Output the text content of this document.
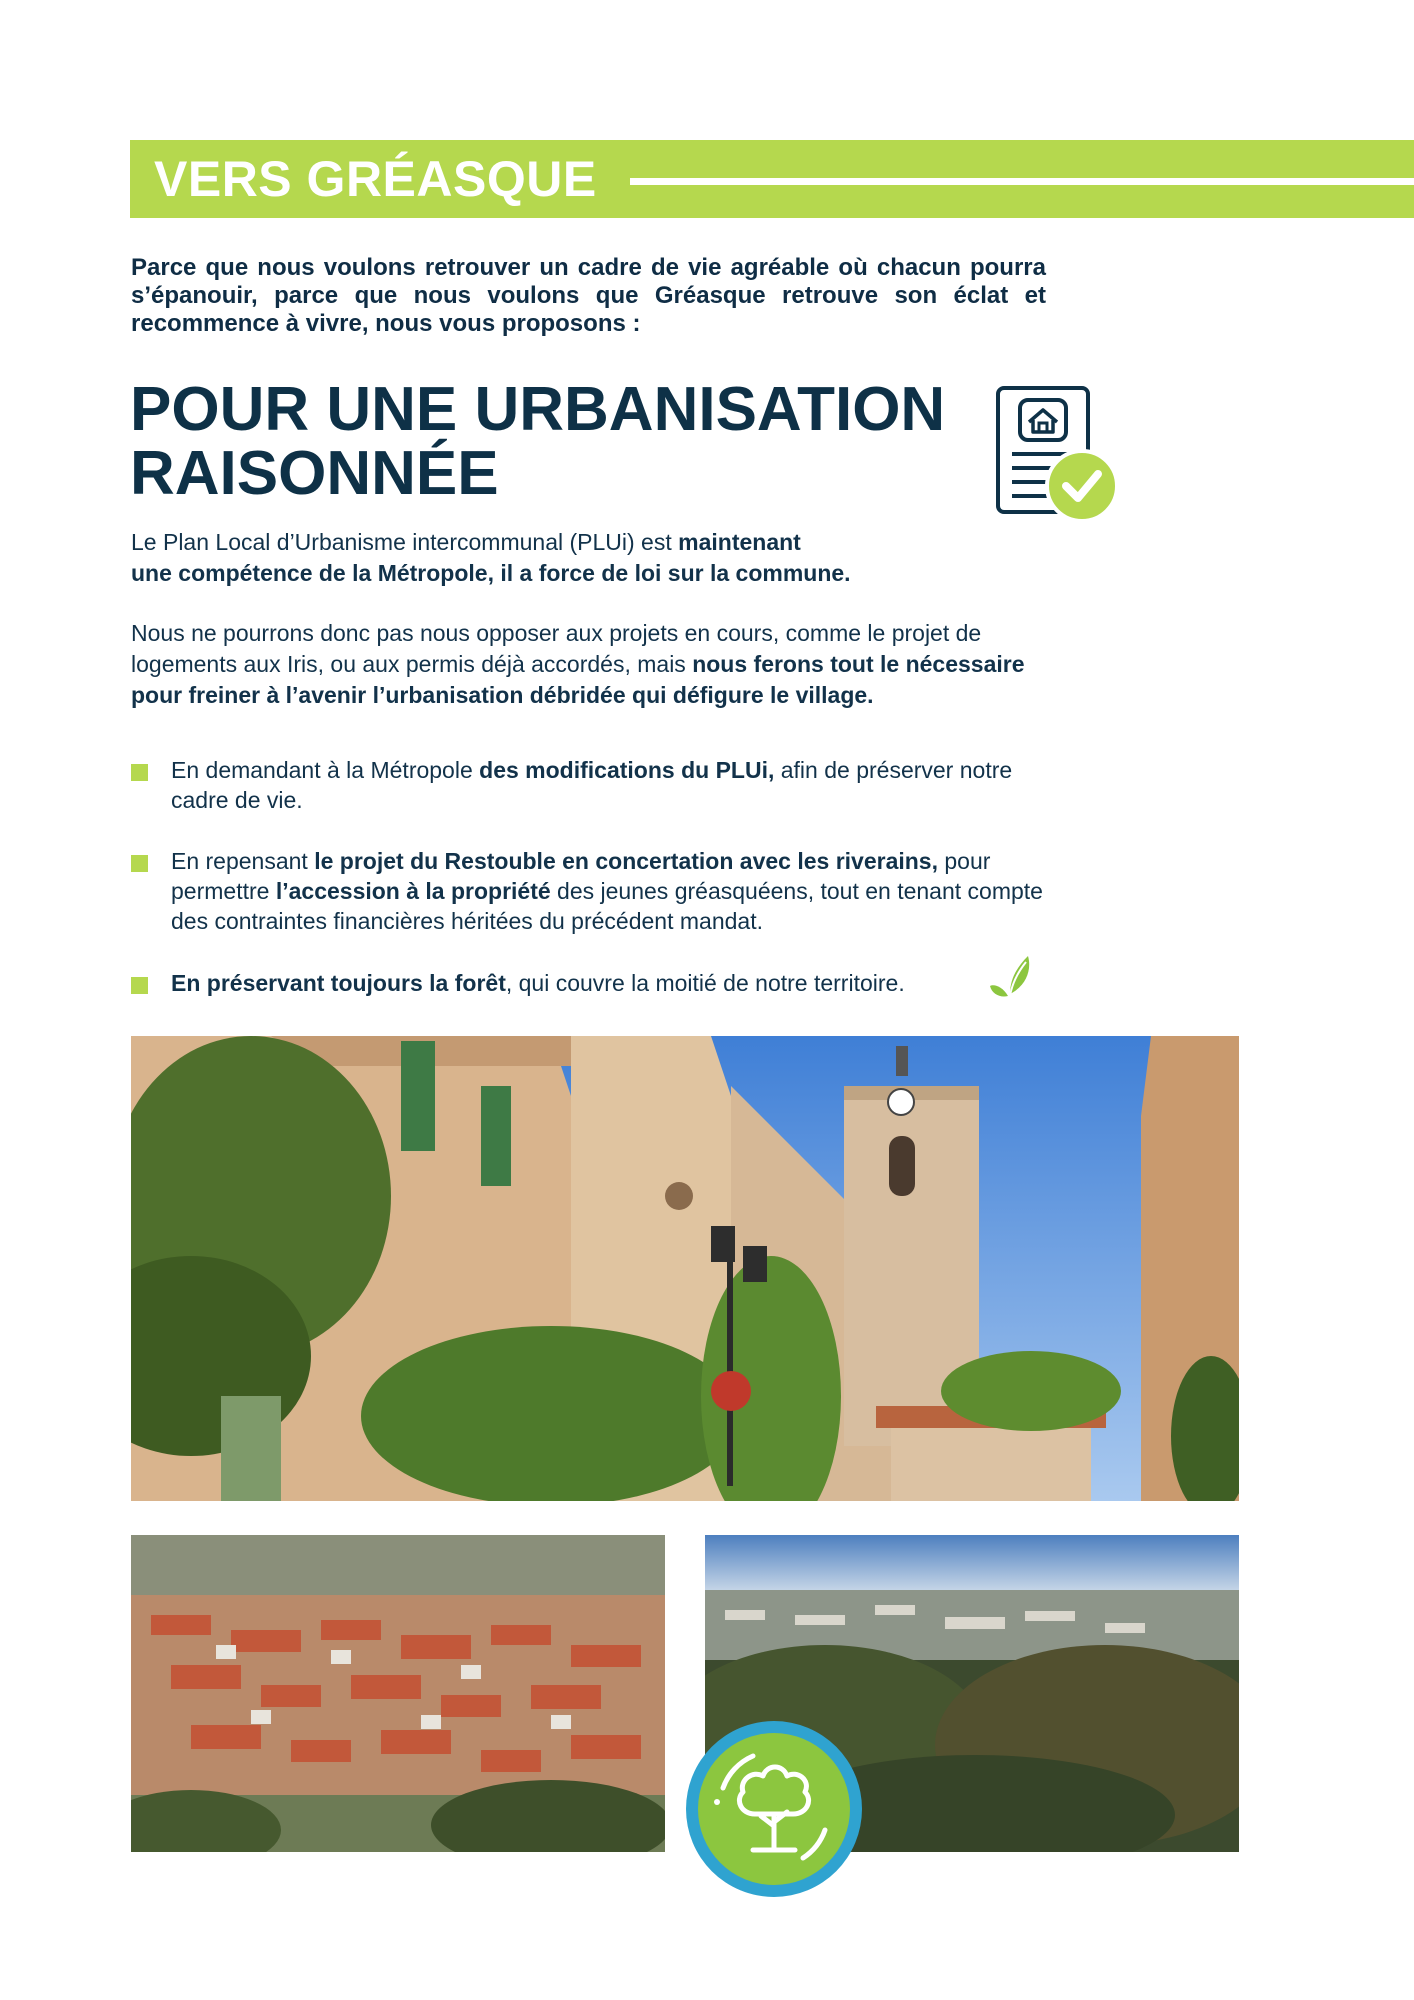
VERS GRÉASQUE
Parce que nous voulons retrouver un cadre de vie agréable où chacun pourra s’épanouir, parce que nous voulons que Gréasque retrouve son éclat et recommence à vivre, nous vous proposons :
POUR UNE URBANISATION
RAISONNÉE
Le Plan Local d’Urbanisme intercommunal (PLUi) est maintenant
une compétence de la Métropole, il a force de loi sur la commune.
Nous ne pourrons donc pas nous opposer aux projets en cours, comme le projet de logements aux Iris, ou aux permis déjà accordés, mais nous ferons tout le nécessaire pour freiner à l’avenir l’urbanisation débridée qui défigure le village.
En demandant à la Métropole des modifications du PLUi, afin de préserver notre cadre de vie.
En repensant le projet du Restouble en concertation avec les riverains, pour permettre l’accession à la propriété des jeunes gréasquéens, tout en tenant compte des contraintes financières héritées du précédent mandat.
En préservant toujours la forêt, qui couvre la moitié de notre territoire.
